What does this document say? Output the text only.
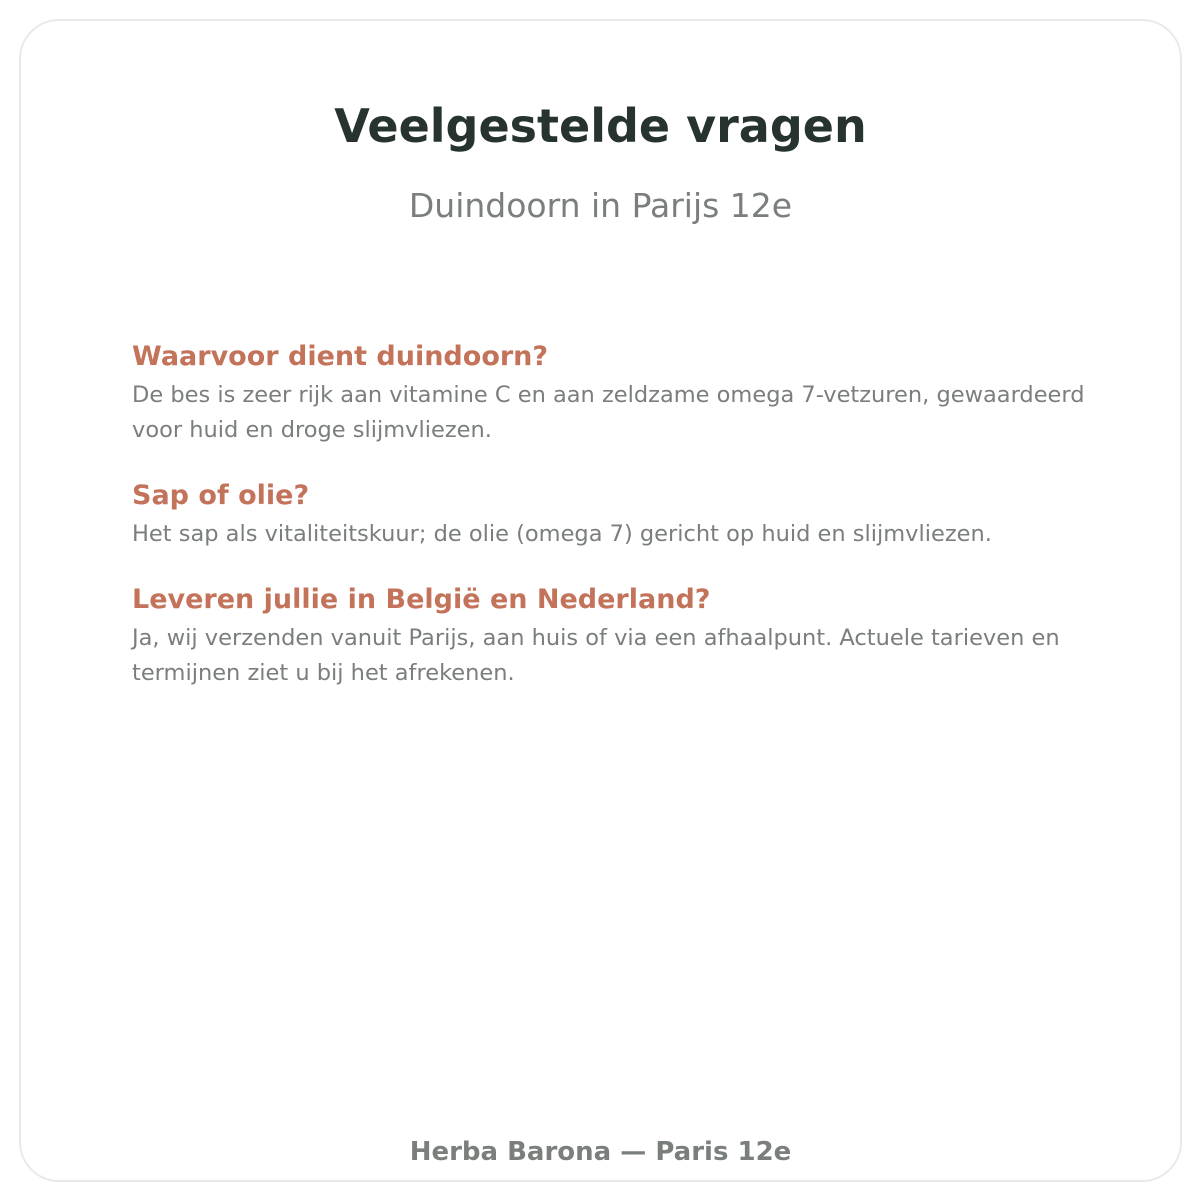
Veelgestelde vragen
Duindoorn in Parijs 12e
Waarvoor dient duindoorn?
De bes is zeer rijk aan vitamine C en aan zeldzame omega 7-vetzuren, gewaardeerd voor huid en droge slijmvliezen.
Sap of olie?
Het sap als vitaliteitskuur; de olie (omega 7) gericht op huid en slijmvliezen.
Leveren jullie in België en Nederland?
Ja, wij verzenden vanuit Parijs, aan huis of via een afhaalpunt. Actuele tarieven en termijnen ziet u bij het afrekenen.
Herba Barona — Paris 12e
